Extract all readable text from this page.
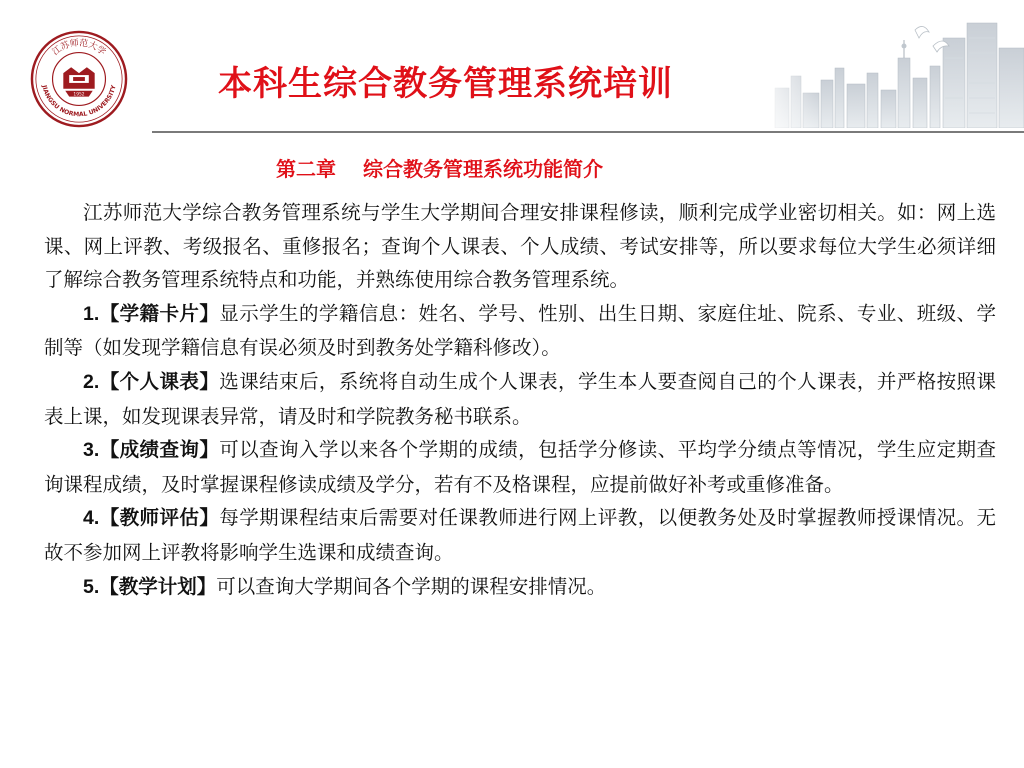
江苏师范大学
JIANGSU NORMAL UNIVERSITY
1952	本科生综合教务管理系统培训
第二章　 综合教务管理系统功能简介

江苏师范大学综合教务管理系统与学生大学期间合理安排课程修读，顺利完成学业密切相关。如：网上选课、网上评教、考级报名、重修报名；查询个人课表、个人成绩、考试安排等，所以要求每位大学生必须详细了解综合教务管理系统特点和功能，并熟练使用综合教务管理系统。

1.【学籍卡片】显示学生的学籍信息：姓名、学号、性别、出生日期、家庭住址、院系、专业、班级、学制等（如发现学籍信息有误必须及时到教务处学籍科修改）。

2.【个人课表】选课结束后，系统将自动生成个人课表，学生本人要查阅自己的个人课表，并严格按照课表上课，如发现课表异常，请及时和学院教务秘书联系。

3.【成绩查询】可以查询入学以来各个学期的成绩，包括学分修读、平均学分绩点等情况，学生应定期查询课程成绩，及时掌握课程修读成绩及学分，若有不及格课程，应提前做好补考或重修准备。

4.【教师评估】每学期课程结束后需要对任课教师进行网上评教，以便教务处及时掌握教师授课情况。无故不参加网上评教将影响学生选课和成绩查询。

5.【教学计划】可以查询大学期间各个学期的课程安排情况。
